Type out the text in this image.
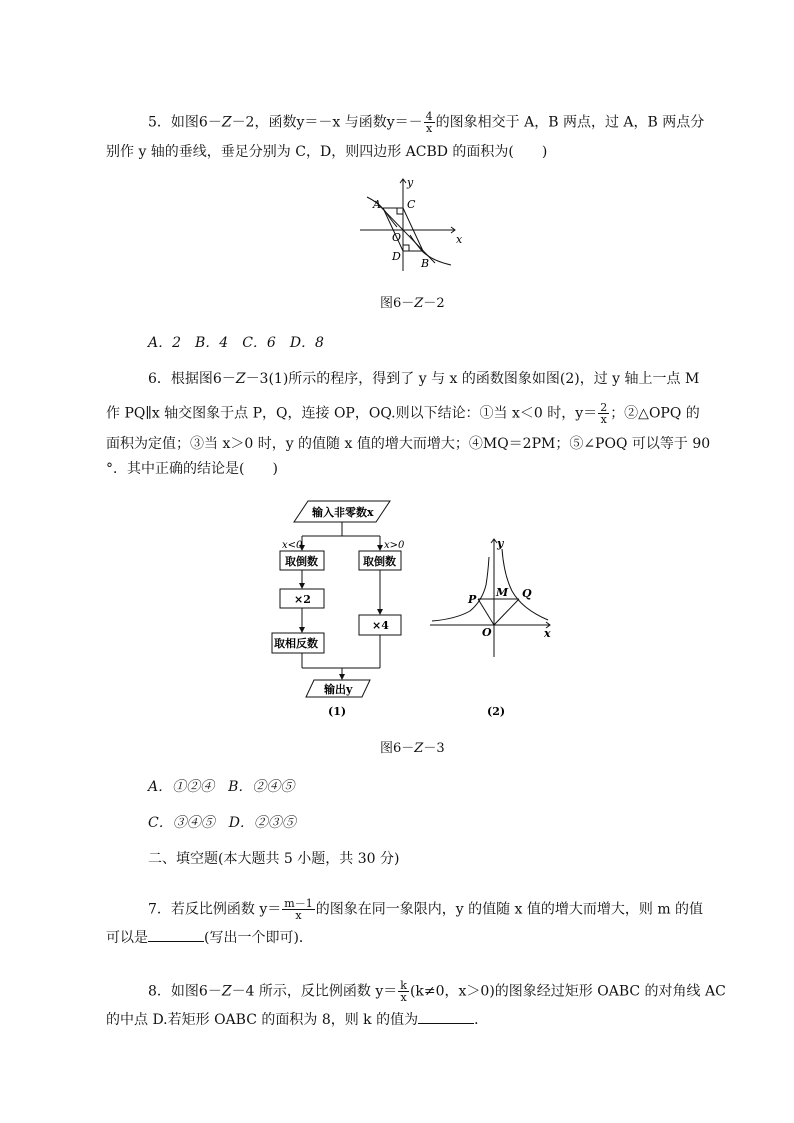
5．如图6－Z－2，函数y＝－x 与函数$y=- \frac{4}{x}$ 的图象相交于 A，B 两点，过 A，B 两点分
别作 y 轴的垂线，垂足分别为 C，D，则四边形 ACBD 的面积为(　　)
y
x
A C
O
D
B
图6－Z－2
A．2　B．4　C．6　D．8
6．根据图6－Z－3(1)所示的程序，得到了 y 与 x 的函数图象如图(2)，过 y 轴上一点 M
作 PQ∥x 轴交图象于点 P，Q，连接 OP，OQ.则以下结论：①当 x＜0 时，$y= \frac{2}{x}$ ；②△OPQ 的
面积为定值；③当 x＞0 时，y 的值随 x 值的增大而增大；④MQ＝2PM；⑤∠POQ 可以等于 90
°．其中正确的结论是(　　)
输入非零数x
x<0	x>0
取倒数
×2
取相反数
取倒数
×4
输出y
(1)
y
x
P
M Q
O
(2)
图6－Z－3
A．①②④　B．②④⑤
C．③④⑤　D．②③⑤
二、填空题(本大题共 5 小题，共 30 分)
7．若反比例函数 $y= \frac{m-1}{x}$ 的图象在同一象限内，y 的值随 x 值的增大而增大，则 m 的值
可以是	(写出一个即可)．
8．如图6－Z－4 所示，反比例函数 $y= \frac{k}{x} (k\ne 0$，x＞0)的图象经过矩形 OABC 的对角线 AC
的中点 D.若矩形 OABC 的面积为 8，则 k 的值为	．
